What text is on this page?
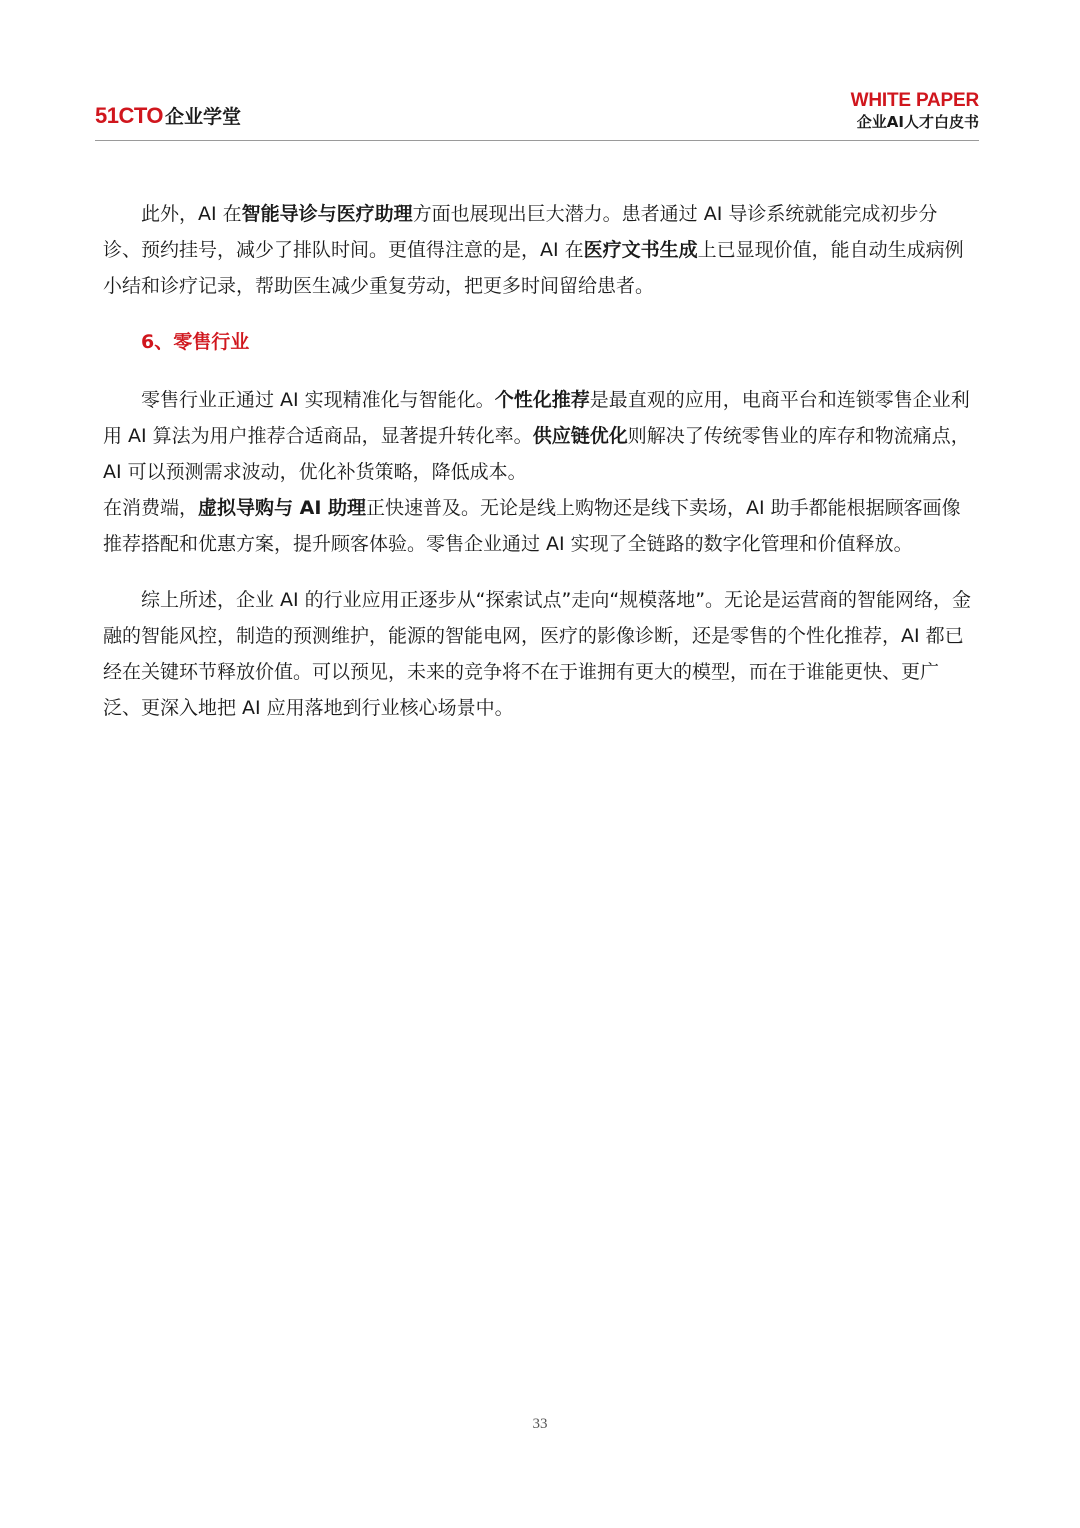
51CTO 企业学堂
WHITE PAPER
企业AI人才白皮书

此外，AI 在智能导诊与医疗助理方面也展现出巨大潜力。患者通过 AI 导诊系统就能完成初步分诊、预约挂号，减少了排队时间。更值得注意的是，AI 在医疗文书生成上已显现价值，能自动生成病例小结和诊疗记录，帮助医生减少重复劳动，把更多时间留给患者。

6、零售行业

零售行业正通过 AI 实现精准化与智能化。个性化推荐是最直观的应用，电商平台和连锁零售企业利用 AI 算法为用户推荐合适商品，显著提升转化率。供应链优化则解决了传统零售业的库存和物流痛点，AI 可以预测需求波动，优化补货策略，降低成本。

在消费端，虚拟导购与 AI 助理正快速普及。无论是线上购物还是线下卖场，AI 助手都能根据顾客画像推荐搭配和优惠方案，提升顾客体验。零售企业通过 AI 实现了全链路的数字化管理和价值释放。

综上所述，企业 AI 的行业应用正逐步从“探索试点”走向“规模落地”。无论是运营商的智能网络，金融的智能风控，制造的预测维护，能源的智能电网，医疗的影像诊断，还是零售的个性化推荐，AI 都已经在关键环节释放价值。可以预见，未来的竞争将不在于谁拥有更大的模型，而在于谁能更快、更广泛、更深入地把 AI 应用落地到行业核心场景中。

33
